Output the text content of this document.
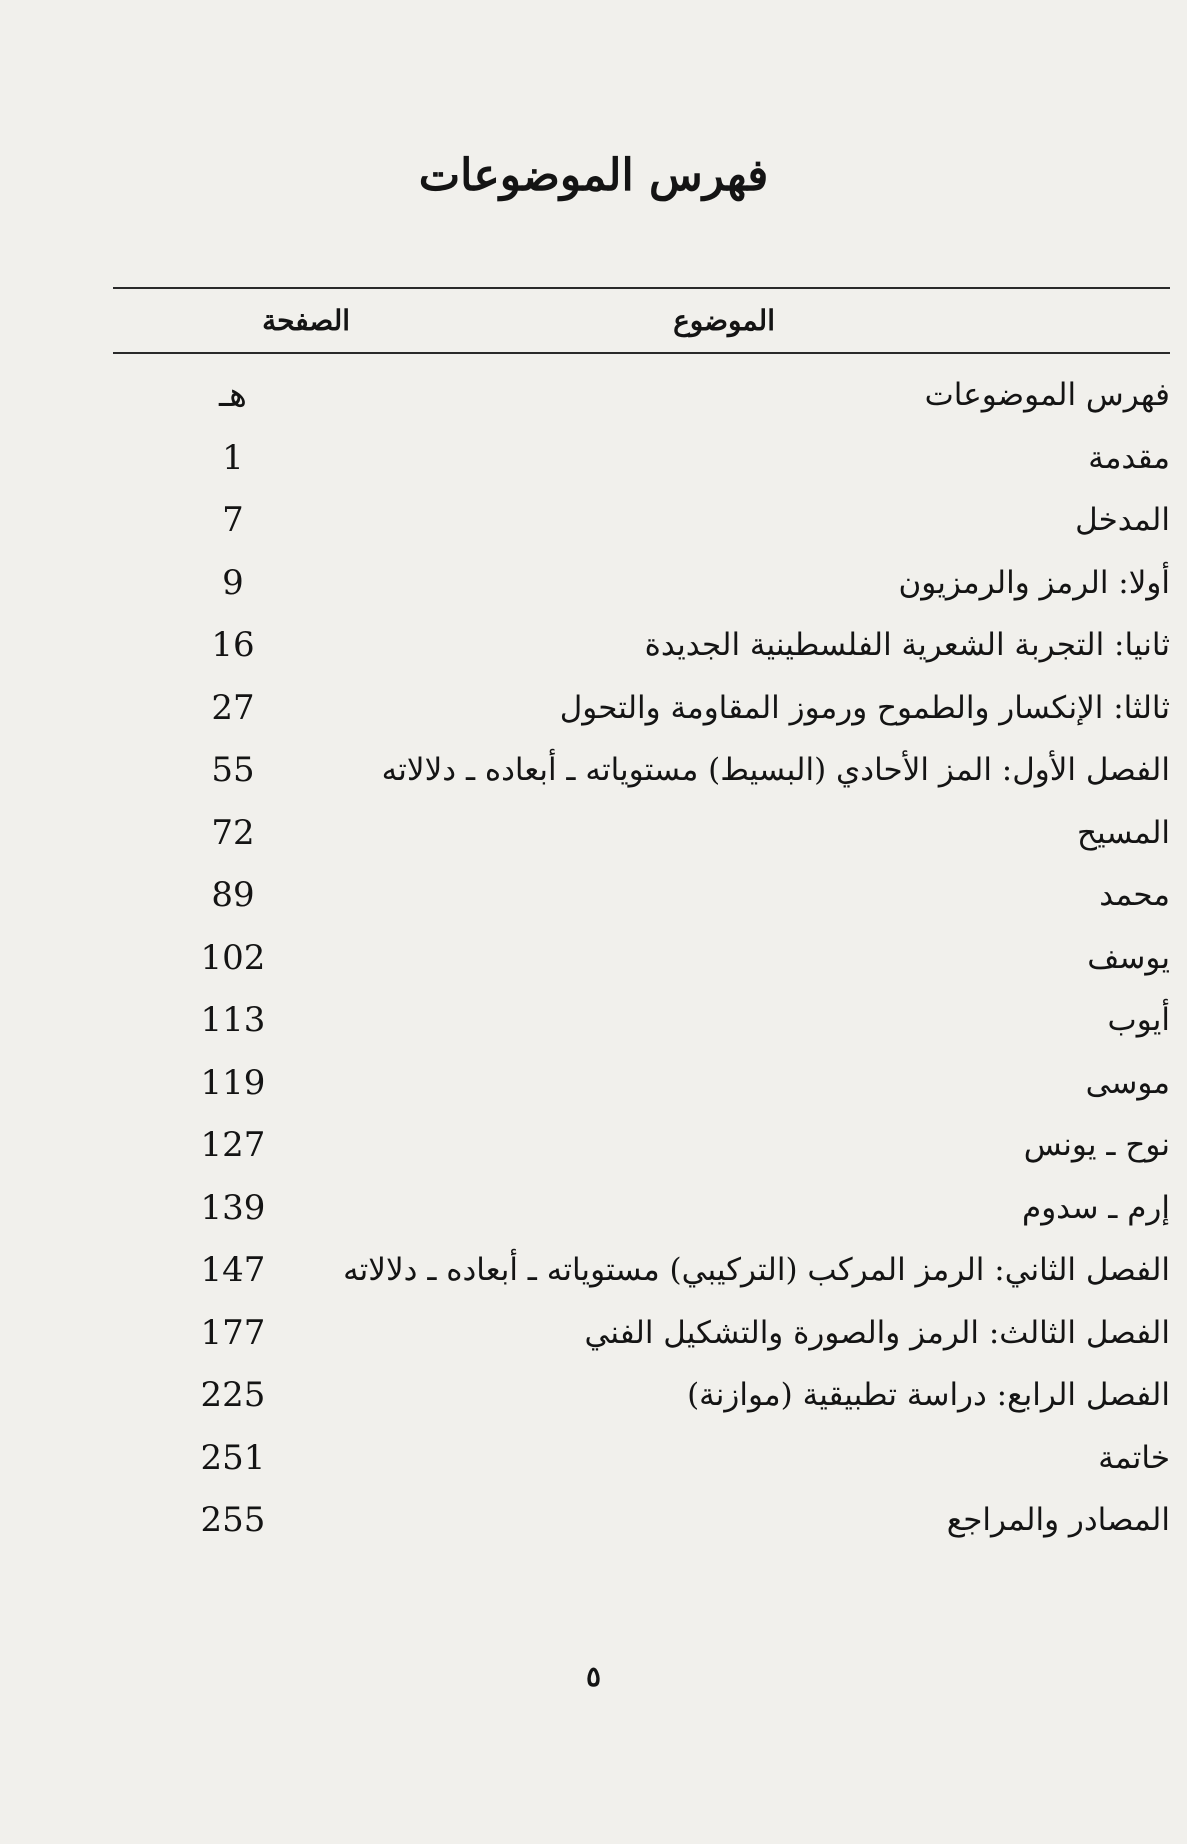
فهرس الموضوعات
الموضوع
الصفحة
فهرس الموضوعات
هـ
مقدمة
1
المدخل
7
أولا: الرمز والرمزيون
9
ثانيا: التجربة الشعرية الفلسطينية الجديدة
16
ثالثا: الإنكسار والطموح ورموز المقاومة والتحول
27
الفصل الأول: المز الأحادي (البسيط) مستوياته ـ أبعاده ـ دلالاته
55
المسيح
72
محمد
89
يوسف
102
أيوب
113
موسى
119
نوح ـ يونس
127
إرم ـ سدوم
139
الفصل الثاني: الرمز المركب (التركيبي) مستوياته ـ أبعاده ـ دلالاته
147
الفصل الثالث: الرمز والصورة والتشكيل الفني
177
الفصل الرابع: دراسة تطبيقية (موازنة)
225
خاتمة
251
المصادر والمراجع
255
٥
